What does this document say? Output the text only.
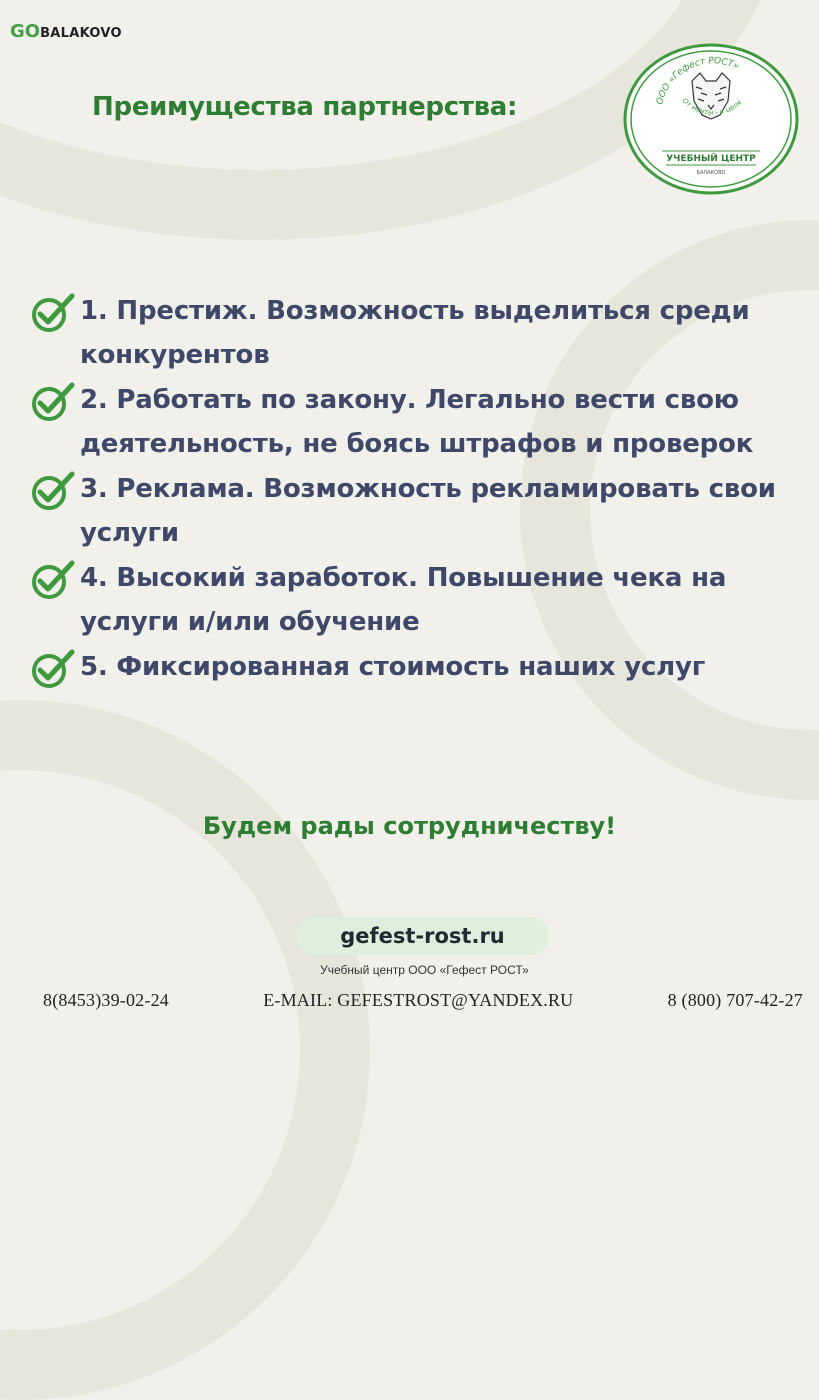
GOBALAKOVO
Преимущества партнерства:	ООО «Гефест РОСТ»
От мечты - к целя
УЧЕБНЫЙ ЦЕНТР
БАЛАКОВО
1. Престиж. Возможность выделиться среди конкурентов
2. Работать по закону. Легально вести свою деятельность, не боясь штрафов и проверок
3. Реклама. Возможность рекламировать свои услуги
4. Высокий заработок. Повышение чека на услуги и/или обучение
5. Фиксированная стоимость наших услуг
Будем рады сотрудничеству!
gefest-rost.ru
Учебный центр ООО «Гефест РОСТ»
8(8453)39-02-24	E-MAIL: GEFESTROST@YANDEX.RU	8 (800) 707-42-27
